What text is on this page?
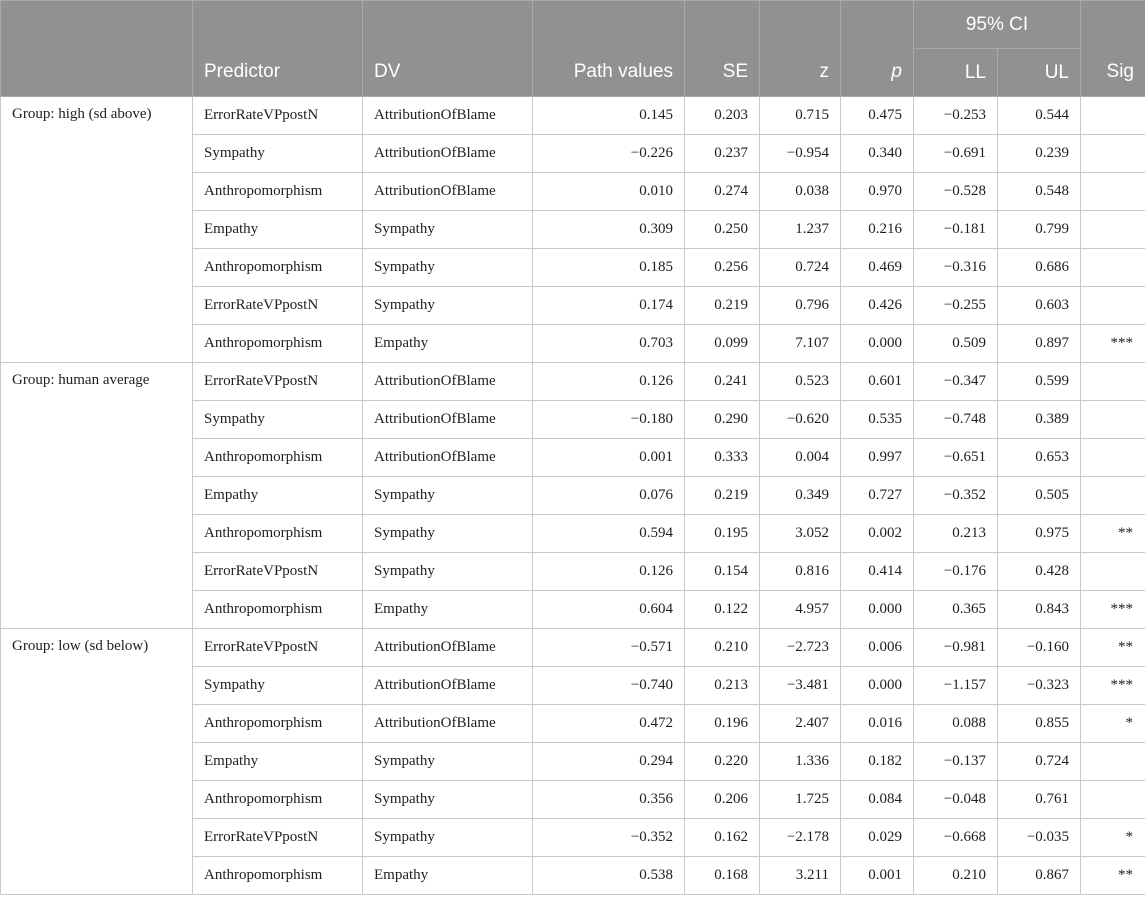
							95% CI		
	Predictor	DV	Path values	SE	z	p	LL	UL	Sig
Group: high (sd above)	ErrorRateVPpostN	AttributionOfBlame	0.145	0.203	0.715	0.475	−0.253	0.544	
	Sympathy	AttributionOfBlame	−0.226	0.237	−0.954	0.340	−0.691	0.239	
	Anthropomorphism	AttributionOfBlame	0.010	0.274	0.038	0.970	−0.528	0.548	
	Empathy	Sympathy	0.309	0.250	1.237	0.216	−0.181	0.799	
	Anthropomorphism	Sympathy	0.185	0.256	0.724	0.469	−0.316	0.686	
	ErrorRateVPpostN	Sympathy	0.174	0.219	0.796	0.426	−0.255	0.603	
	Anthropomorphism	Empathy	0.703	0.099	7.107	0.000	0.509	0.897	***
Group: human average	ErrorRateVPpostN	AttributionOfBlame	0.126	0.241	0.523	0.601	−0.347	0.599	
	Sympathy	AttributionOfBlame	−0.180	0.290	−0.620	0.535	−0.748	0.389	
	Anthropomorphism	AttributionOfBlame	0.001	0.333	0.004	0.997	−0.651	0.653	
	Empathy	Sympathy	0.076	0.219	0.349	0.727	−0.352	0.505	
	Anthropomorphism	Sympathy	0.594	0.195	3.052	0.002	0.213	0.975	**
	ErrorRateVPpostN	Sympathy	0.126	0.154	0.816	0.414	−0.176	0.428	
	Anthropomorphism	Empathy	0.604	0.122	4.957	0.000	0.365	0.843	***
Group: low (sd below)	ErrorRateVPpostN	AttributionOfBlame	−0.571	0.210	−2.723	0.006	−0.981	−0.160	**
	Sympathy	AttributionOfBlame	−0.740	0.213	−3.481	0.000	−1.157	−0.323	***
	Anthropomorphism	AttributionOfBlame	0.472	0.196	2.407	0.016	0.088	0.855	*
	Empathy	Sympathy	0.294	0.220	1.336	0.182	−0.137	0.724	
	Anthropomorphism	Sympathy	0.356	0.206	1.725	0.084	−0.048	0.761	
	ErrorRateVPpostN	Sympathy	−0.352	0.162	−2.178	0.029	−0.668	−0.035	*
	Anthropomorphism	Empathy	0.538	0.168	3.211	0.001	0.210	0.867	**
